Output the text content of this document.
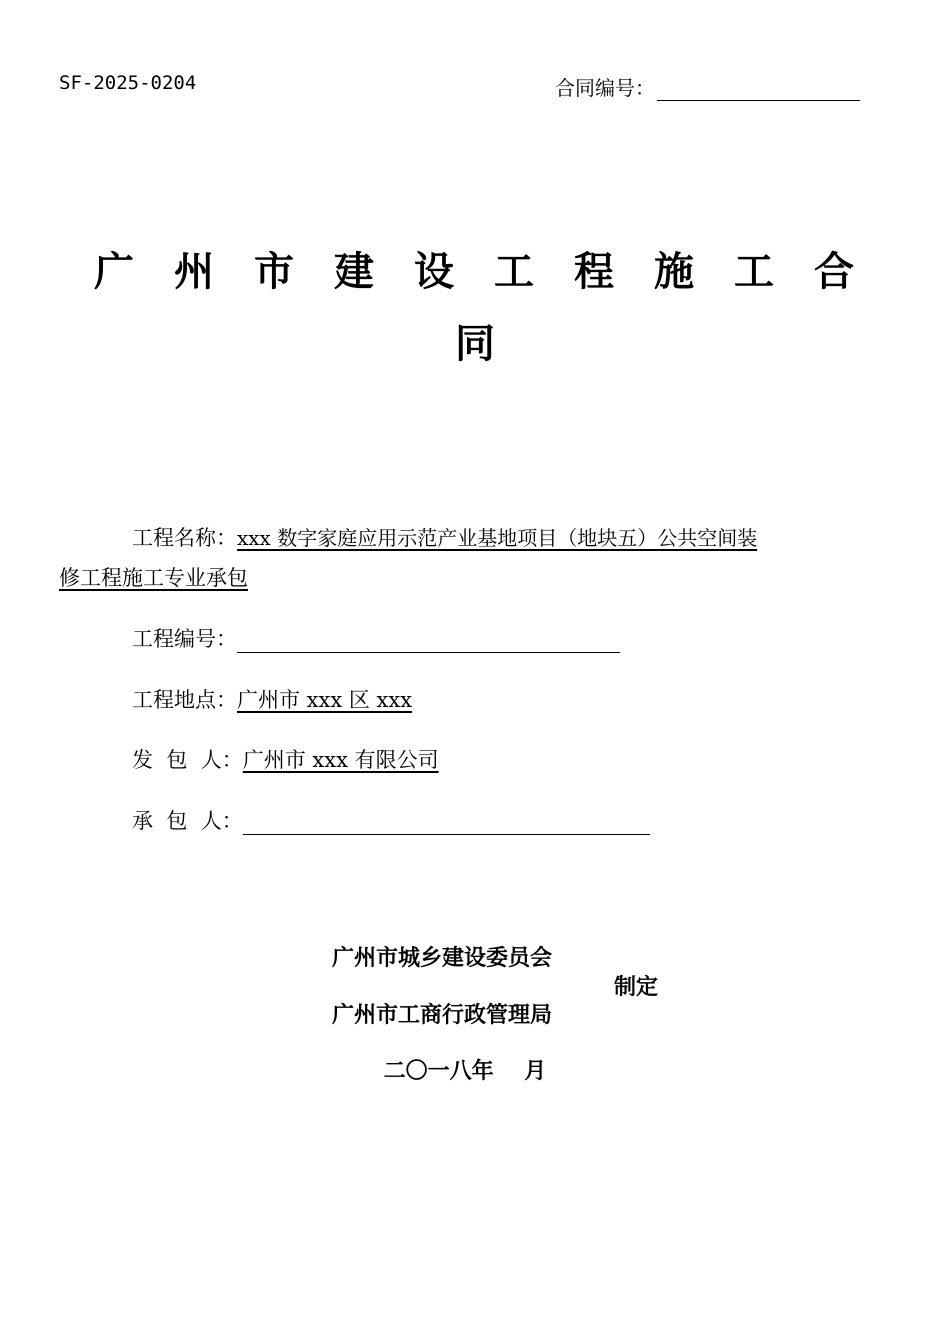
SF-2025-0204	合同编号：
广 州 市 建 设 工 程 施 工 合
同
工程名称：xxx 数字家庭应用示范产业基地项目（地块五）公共空间装
修工程施工专业承包
工程编号：
工程地点：广州市 xxx 区 xxx
发  包  人：广州市 xxx 有限公司
承  包  人：
广州市城乡建设委员会
广州市工商行政管理局
制定
二〇一八年    月
